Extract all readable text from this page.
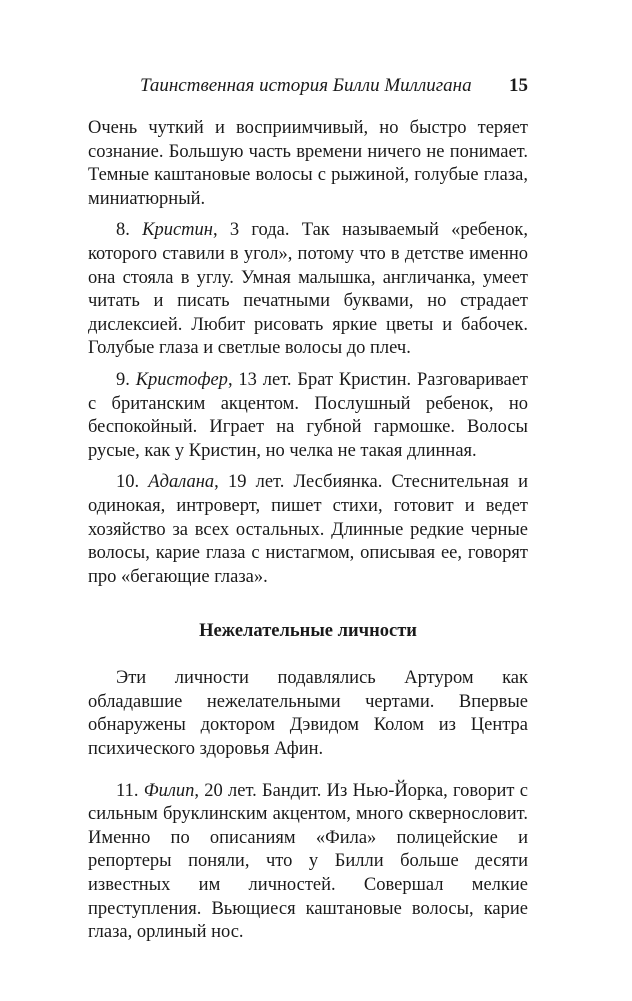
Таинственная история Билли Миллигана	15

Очень чуткий и восприимчивый, но быстро теряет сознание. Большую часть времени ничего не понимает. Темные каштановые волосы с рыжиной, голубые глаза, миниатюрный.

8. Кристин, 3 года. Так называемый «ребенок, которого ставили в угол», потому что в детстве именно она стояла в углу. Умная малышка, англичанка, умеет читать и писать печатными буквами, но страдает дислексией. Любит рисовать яркие цветы и бабочек. Голубые глаза и светлые волосы до плеч.

9. Кристофер, 13 лет. Брат Кристин. Разговаривает с британским акцентом. Послушный ребенок, но беспокойный. Играет на губной гармошке. Волосы русые, как у Кристин, но челка не такая длинная.

10. Адалана, 19 лет. Лесбиянка. Стеснительная и одинокая, интроверт, пишет стихи, готовит и ведет хозяйство за всех остальных. Длинные редкие черные волосы, карие глаза с нистагмом, описывая ее, говорят про «бегающие глаза».

Нежелательные личности

Эти личности подавлялись Артуром как обладавшие нежелательными чертами. Впервые обнаружены доктором Дэвидом Колом из Центра психического здоровья Афин.

11. Филип, 20 лет. Бандит. Из Нью-Йорка, говорит с сильным бруклинским акцентом, много сквернословит. Именно по описаниям «Фила» полицейские и репортеры поняли, что у Билли больше десяти известных им личностей. Совершал мелкие преступления. Вьющиеся каштановые волосы, карие глаза, орлиный нос.
